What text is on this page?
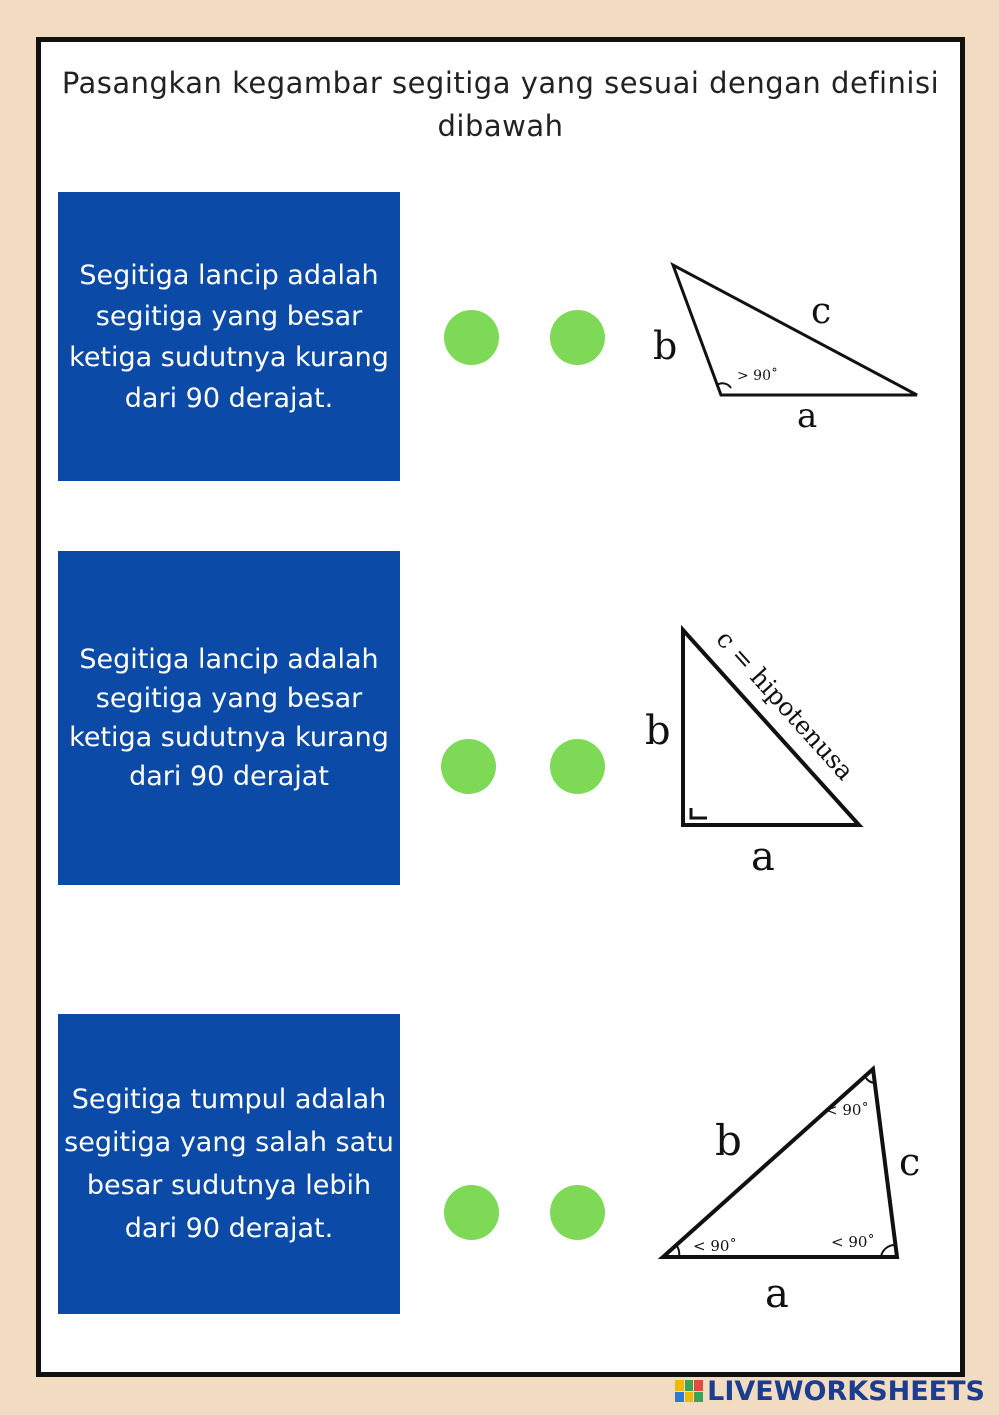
Pasangkan kegambar segitiga yang sesuai dengan definisi dibawah
Segitiga lancip adalah segitiga yang besar ketiga sudutnya kurang dari 90 derajat.
b
c
a
> 90˚
Segitiga lancip adalah segitiga yang besar ketiga sudutnya kurang dari 90 derajat
b
a
c = hipotenusa
Segitiga tumpul adalah segitiga yang salah satu besar sudutnya lebih dari 90 derajat.
b	c
a
< 90˚
< 90˚	< 90˚
LIVEWORKSHEETS
